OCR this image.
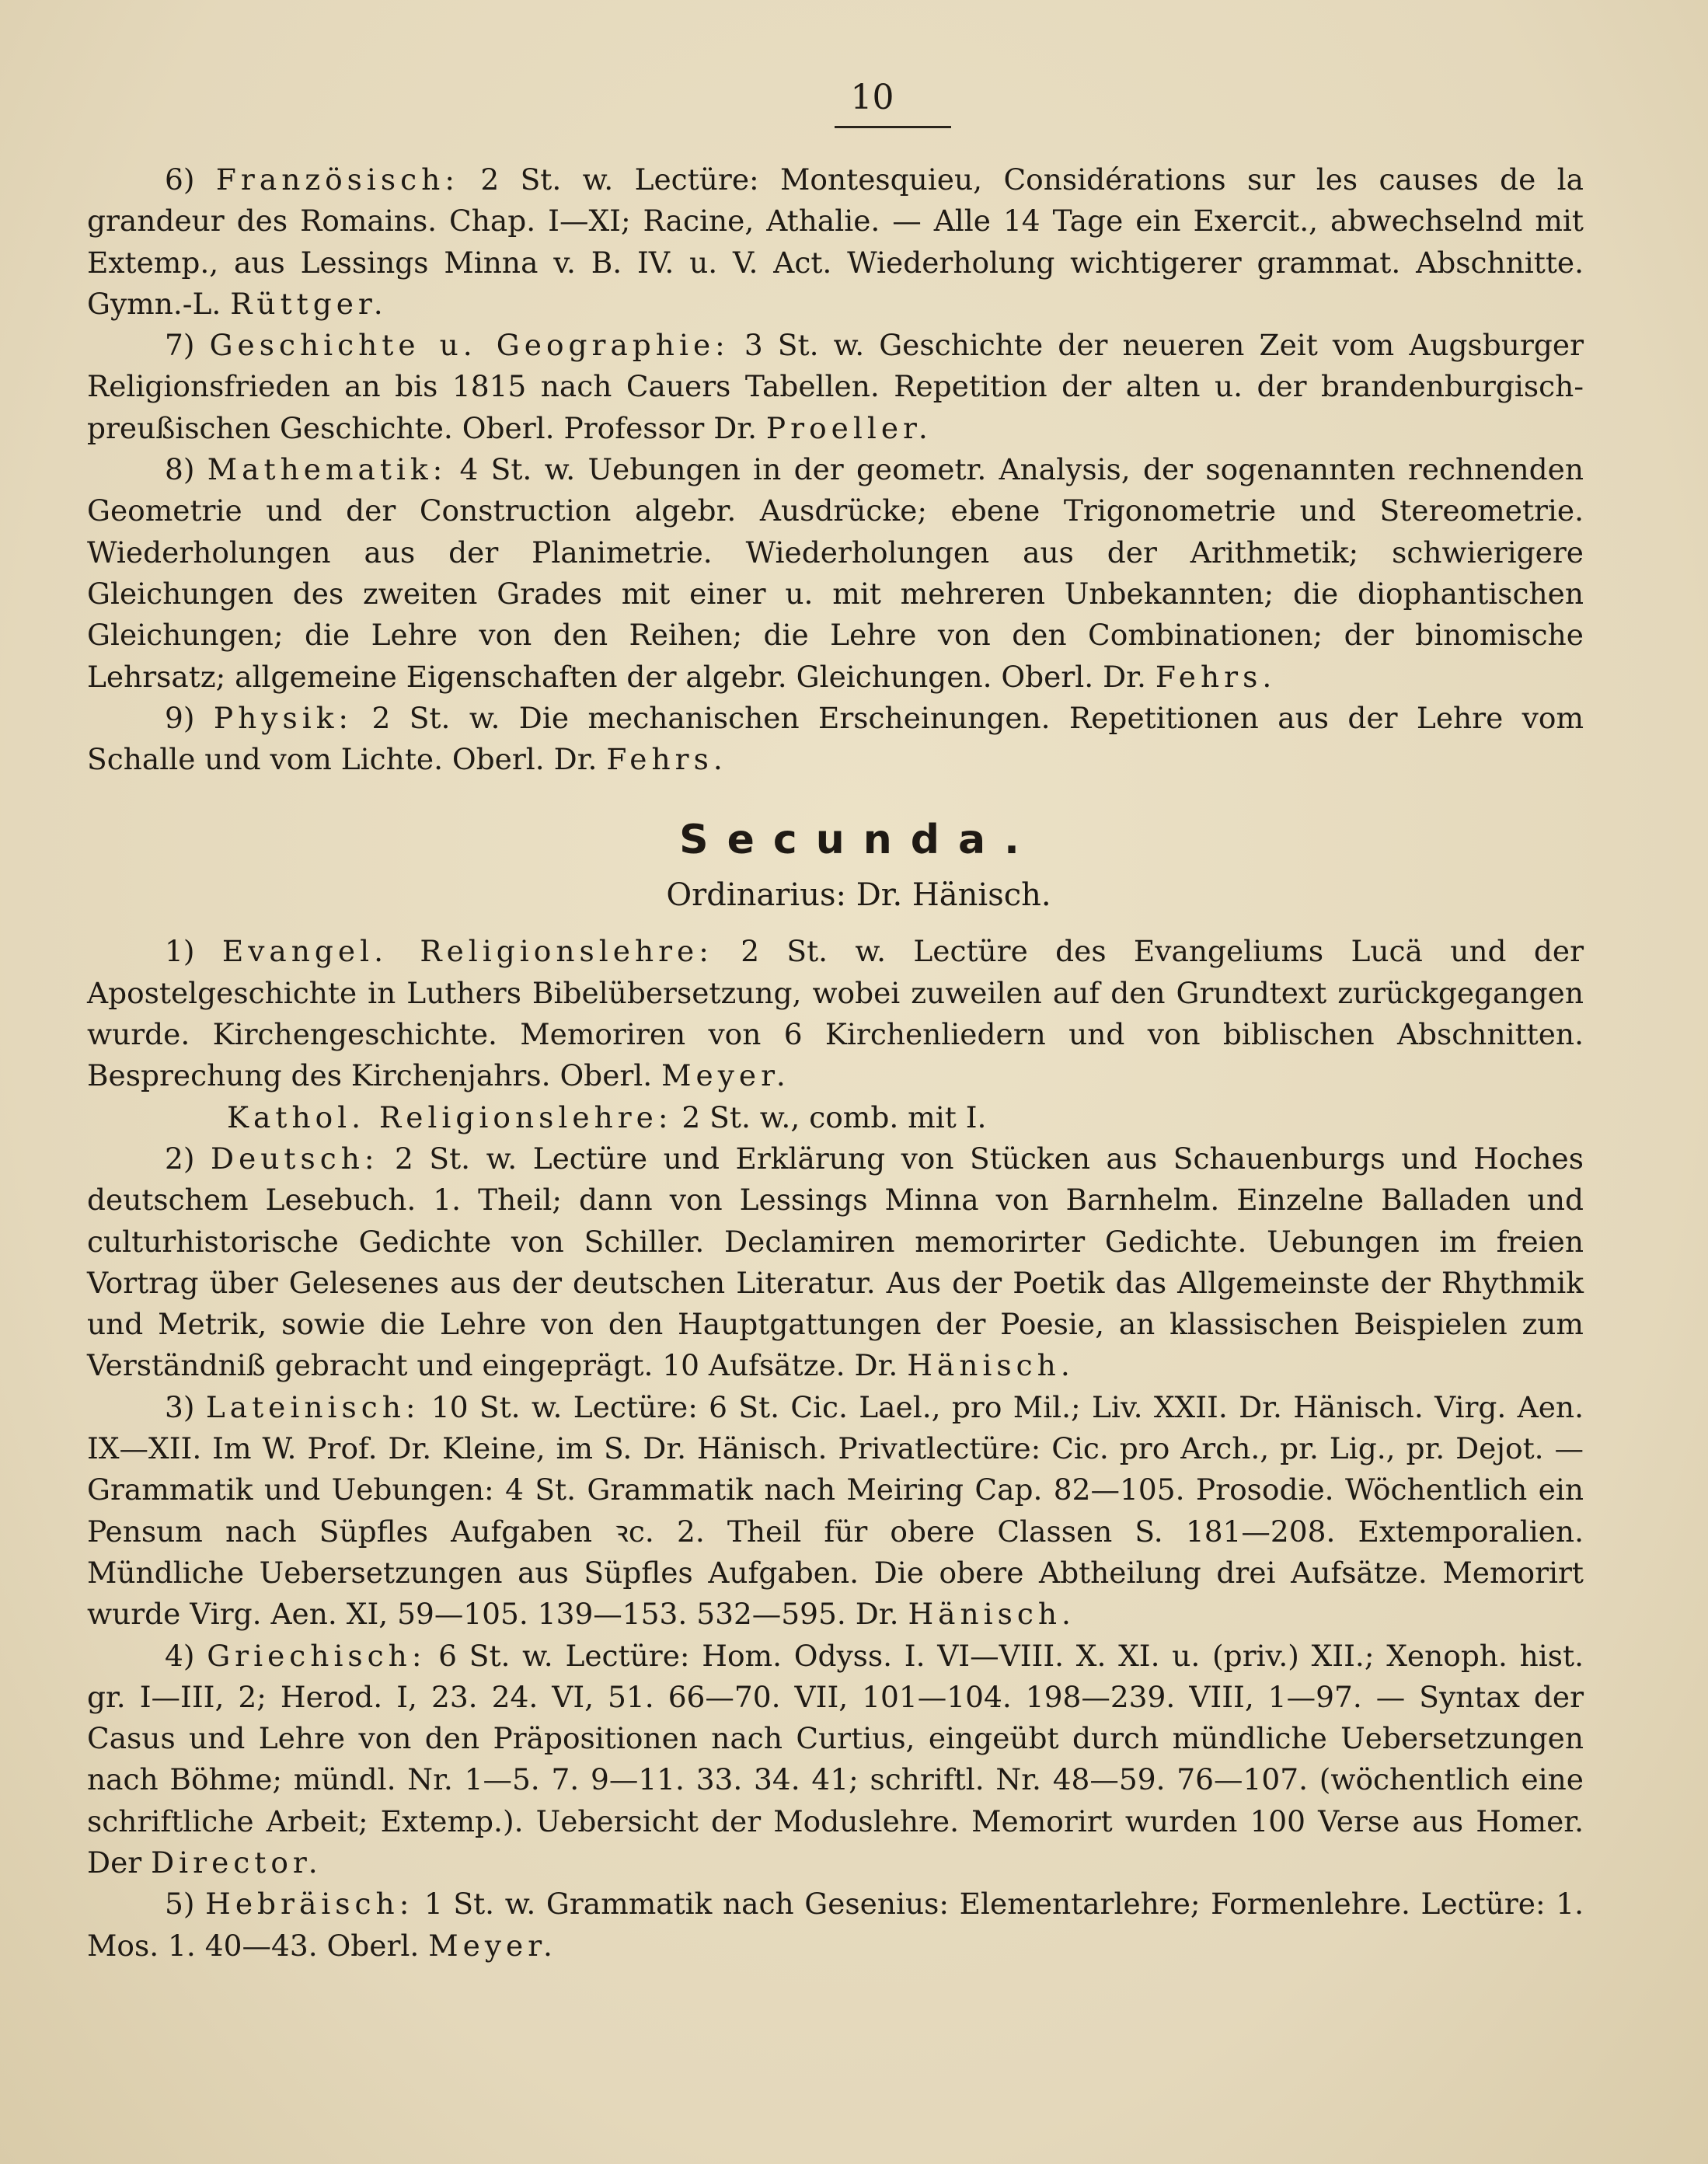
10

6) Französisch: 2 St. w. Lectüre: Montesquieu, Considérations sur les causes de la grandeur des Romains. Chap. I—XI; Racine, Athalie. — Alle 14 Tage ein Exercit., abwechselnd mit Extemp., aus Lessings Minna v. B. IV. u. V. Act. Wiederholung wichtigerer grammat. Abschnitte. Gymn.-L. Rüttger.

7) Geschichte u. Geographie: 3 St. w. Geschichte der neueren Zeit vom Augsburger Religionsfrieden an bis 1815 nach Cauers Tabellen. Repetition der alten u. der brandenburgisch-preußischen Geschichte. Oberl. Professor Dr. Proeller.

8) Mathematik: 4 St. w. Uebungen in der geometr. Analysis, der sogenannten rechnenden Geometrie und der Construction algebr. Ausdrücke; ebene Trigonometrie und Stereometrie. Wiederholungen aus der Planimetrie. Wiederholungen aus der Arithmetik; schwierigere Gleichungen des zweiten Grades mit einer u. mit mehreren Unbekannten; die diophantischen Gleichungen; die Lehre von den Reihen; die Lehre von den Combinationen; der binomische Lehrsatz; allgemeine Eigenschaften der algebr. Gleichungen. Oberl. Dr. Fehrs.

9) Physik: 2 St. w. Die mechanischen Erscheinungen. Repetitionen aus der Lehre vom Schalle und vom Lichte. Oberl. Dr. Fehrs.

Secunda.
Ordinarius: Dr. Hänisch.

1) Evangel. Religionslehre: 2 St. w. Lectüre des Evangeliums Lucä und der Apostelgeschichte in Luthers Bibelübersetzung, wobei zuweilen auf den Grundtext zurückgegangen wurde. Kirchengeschichte. Memoriren von 6 Kirchenliedern und von biblischen Abschnitten. Besprechung des Kirchenjahrs. Oberl. Meyer.

Kathol. Religionslehre: 2 St. w., comb. mit I.

2) Deutsch: 2 St. w. Lectüre und Erklärung von Stücken aus Schauenburgs und Hoches deutschem Lesebuch. 1. Theil; dann von Lessings Minna von Barnhelm. Einzelne Balladen und culturhistorische Gedichte von Schiller. Declamiren memorirter Gedichte. Uebungen im freien Vortrag über Gelesenes aus der deutschen Literatur. Aus der Poetik das Allgemeinste der Rhythmik und Metrik, sowie die Lehre von den Hauptgattungen der Poesie, an klassischen Beispielen zum Verständniß gebracht und eingeprägt. 10 Aufsätze. Dr. Hänisch.

3) Lateinisch: 10 St. w. Lectüre: 6 St. Cic. Lael., pro Mil.; Liv. XXII. Dr. Hänisch. Virg. Aen. IX—XII. Im W. Prof. Dr. Kleine, im S. Dr. Hänisch. Privatlectüre: Cic. pro Arch., pr. Lig., pr. Dejot. — Grammatik und Uebungen: 4 St. Grammatik nach Meiring Cap. 82—105. Prosodie. Wöchentlich ein Pensum nach Süpfles Aufgaben ꝛc. 2. Theil für obere Classen S. 181—208. Extemporalien. Mündliche Uebersetzungen aus Süpfles Aufgaben. Die obere Abtheilung drei Aufsätze. Memorirt wurde Virg. Aen. XI, 59—105. 139—153. 532—595. Dr. Hänisch.

4) Griechisch: 6 St. w. Lectüre: Hom. Odyss. I. VI—VIII. X. XI. u. (priv.) XII.; Xenoph. hist. gr. I—III, 2; Herod. I, 23. 24. VI, 51. 66—70. VII, 101—104. 198—239. VIII, 1—97. — Syntax der Casus und Lehre von den Präpositionen nach Curtius, eingeübt durch mündliche Uebersetzungen nach Böhme; mündl. Nr. 1—5. 7. 9—11. 33. 34. 41; schriftl. Nr. 48—59. 76—107. (wöchentlich eine schriftliche Arbeit; Extemp.). Uebersicht der Moduslehre. Memorirt wurden 100 Verse aus Homer. Der Director.

5) Hebräisch: 1 St. w. Grammatik nach Gesenius: Elementarlehre; Formenlehre. Lectüre: 1. Mos. 1. 40—43. Oberl. Meyer.
